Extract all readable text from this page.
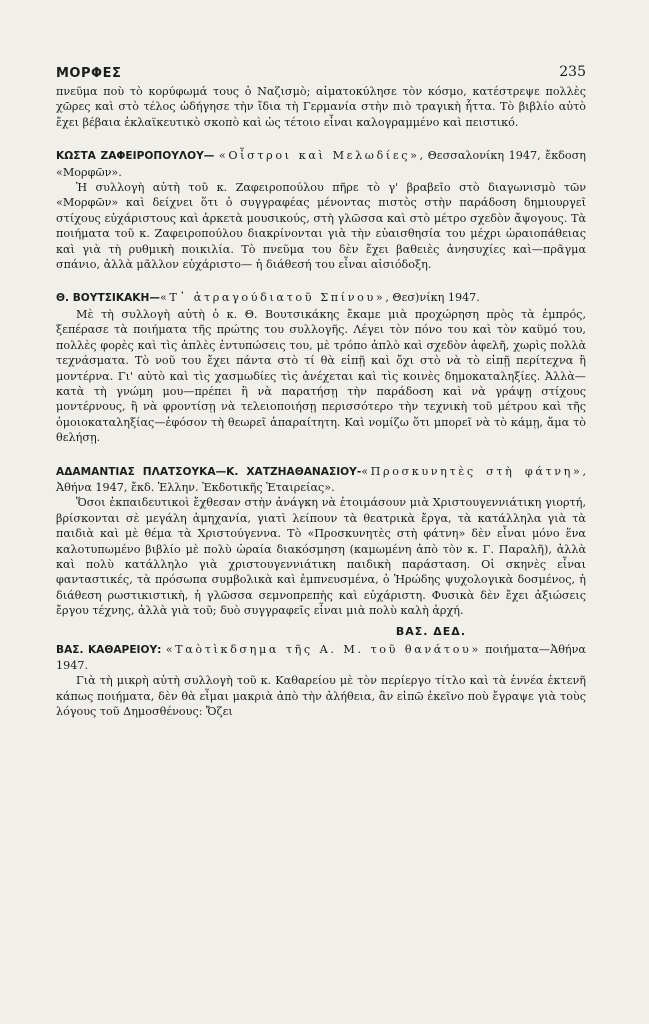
ΜΟΡΦΕΣ	235

πνεῦμα ποὺ τὸ κορύφωμά τους ὁ Ναζισμὸ; αἱματοκύλησε τὸν κόσμο, κατέστρεψε πολλὲς χῶρες καὶ στὸ τέλος ὡδήγησε τὴν ἴδια τὴ Γερμανία στὴν πιὸ τραγικὴ ἧττα. Τὸ βιβλίο αὐτὸ ἔχει βέβαια ἐκλαϊκευτικὸ σκοπὸ καὶ ὡς τέτοιο εἶναι καλογραμμένο καὶ πειστικό.

ΚΩΣΤΑ ΖΑΦΕΙΡΟΠΟΥΛΟΥ— «Οἶστροι καὶ Μελωδίες», Θεσσαλονίκη 1947, ἔκδοση «Μορφῶν».

Ἡ συλλογὴ αὐτὴ τοῦ κ. Ζαφειροπούλου πῆρε τὸ γ' βραβεῖο στὸ διαγωνισμὸ τῶν «Μορφῶν» καὶ δείχνει ὅτι ὁ συγγραφέας μένοντας πιστὸς στὴν παράδοση δημιουργεῖ στίχους εὐχάριστους καὶ ἀρκετὰ μουσικούς, στὴ γλῶσσα καὶ στὸ μέτρο σχεδὸν ἄψογους. Τὰ ποιήματα τοῦ κ. Ζαφειροπούλου διακρίνονται γιὰ τὴν εὐαισθησία του μέχρι ὡραιοπάθειας καὶ γιὰ τὴ ρυθμικὴ ποικιλία. Τὸ πνεῦμα του δὲν ἔχει βαθειὲς ἀνησυχίες καὶ—πρᾶγμα σπάνιο, ἀλλὰ μᾶλλον εὐχάριστο— ἡ διάθεσή του εἶναι αἰσιόδοξη.

Θ. ΒΟΥΤΣΙΚΑΚΗ—«Τ᾿ ἀτραγούδιατοῦ Σπίνου», Θεσ)νίκη 1947.

Μὲ τὴ συλλογὴ αὐτὴ ὁ κ. Θ. Βουτσικάκης ἔκαμε μιὰ προχώρηση πρὸς τὰ ἐμπρός, ξεπέρασε τὰ ποιήματα τῆς πρώτης του συλλογῆς. Λέγει τὸν πόνο του καὶ τὸν καϋμό του, πολλὲς φορὲς καὶ τὶς ἁπλὲς ἐντυπώσεις του, μὲ τρόπο ἁπλὸ καὶ σχεδὸν ἀφελῆ, χωρὶς πολλὰ τεχνάσματα. Τὸ νοῦ του ἔχει πάντα στὸ τί θὰ εἰπῇ καὶ ὄχι στὸ νὰ τὸ εἰπῇ περίτεχνα ἢ μοντέρνα. Γι' αὐτὸ καὶ τὶς χασμωδίες τὶς ἀνέχεται καὶ τὶς κοινὲς δημοκαταληξίες. Ἀλλὰ—κατὰ τὴ γνώμη μου—πρέπει ἢ νὰ παρατήσῃ τὴν παράδοση καὶ νὰ γράψῃ στίχους μοντέρνους, ἢ νὰ φροντίσῃ νὰ τελειοποιήσῃ περισσότερο τὴν τεχνικὴ τοῦ μέτρου καὶ τῆς ὁμοιοκαταληξίας—ἐφόσον τὴ θεωρεῖ ἀπαραίτητη. Καὶ νομίζω ὅτι μπορεῖ νὰ τὸ κάμῃ, ἅμα τὸ θελήσῃ.

ΑΔΑΜΑΝΤΙΑΣ ΠΛΑΤΣΟΥΚΑ—Κ. ΧΑΤΖΗΑΘΑΝΑΣΙΟΥ-«Προσκυνητὲς στὴ φάτνη», Ἀθήνα 1947, ἔκδ. Ἑλλην. Ἐκδοτικῆς Ἑταιρείας».

Ὅσοι ἐκπαιδευτικοὶ ἔχθεσαν στὴν ἀνάγκη νὰ ἑτοιμάσουν μιὰ Χριστουγεννιάτικη γιορτή, βρίσκονται σὲ μεγάλη ἀμηχανία, γιατὶ λείπουν τὰ θεατρικὰ ἔργα, τὰ κατάλληλα γιὰ τὰ παιδιὰ καὶ μὲ θέμα τὰ Χριστούγεννα. Τὸ «Προσκυνητὲς στὴ φάτνη» δὲν εἶναι μόνο ἕνα καλοτυπωμένο βιβλίο μὲ πολὺ ὡραία διακόσμηση (καμωμένη ἀπὸ τὸν κ. Γ. Παραλῆ), ἀλλὰ καὶ πολὺ κατάλληλο γιὰ χριστουγεννιάτικη παιδικὴ παράσταση. Οἱ σκηνὲς εἶναι φανταστικές, τὰ πρόσωπα συμβολικὰ καὶ ἐμπνευσμένα, ὁ Ἡρώδης ψυχολογικὰ δοσμένος, ἡ διάθεση ρωστικιστικὴ, ἡ γλῶσσα σεμνοπρεπὴς καὶ εὐχάριστη. Φυσικὰ δὲν ἔχει ἀξιώσεις ἔργου τέχνης, ἀλλὰ γιὰ τοῦ; δυὸ συγγραφεῖς εἶναι μιὰ πολὺ καλὴ ἀρχή.

ΒΑΣ. ΔΕΔ.

ΒΑΣ. ΚΑΘΑΡΕΙΟΥ: «Ταὸτὶκδσημα τῆς Α. Μ. τοῦ θανάτου» ποιήματα—Ἀθήνα 1947.

Γιὰ τὴ μικρὴ αὐτὴ συλλογὴ τοῦ κ. Καθαρείου μὲ τὸν περίεργο τίτλο καὶ τὰ ἐννέα ἐκτενῆ κάπως ποιήματα, δὲν θὰ εἶμαι μακριὰ ἀπὸ τὴν ἀλήθεια, ἂν εἰπῶ ἐκεῖνο ποὺ ἔγραψε γιὰ τοὺς λόγους τοῦ Δημοσθένους: Ὄζει
